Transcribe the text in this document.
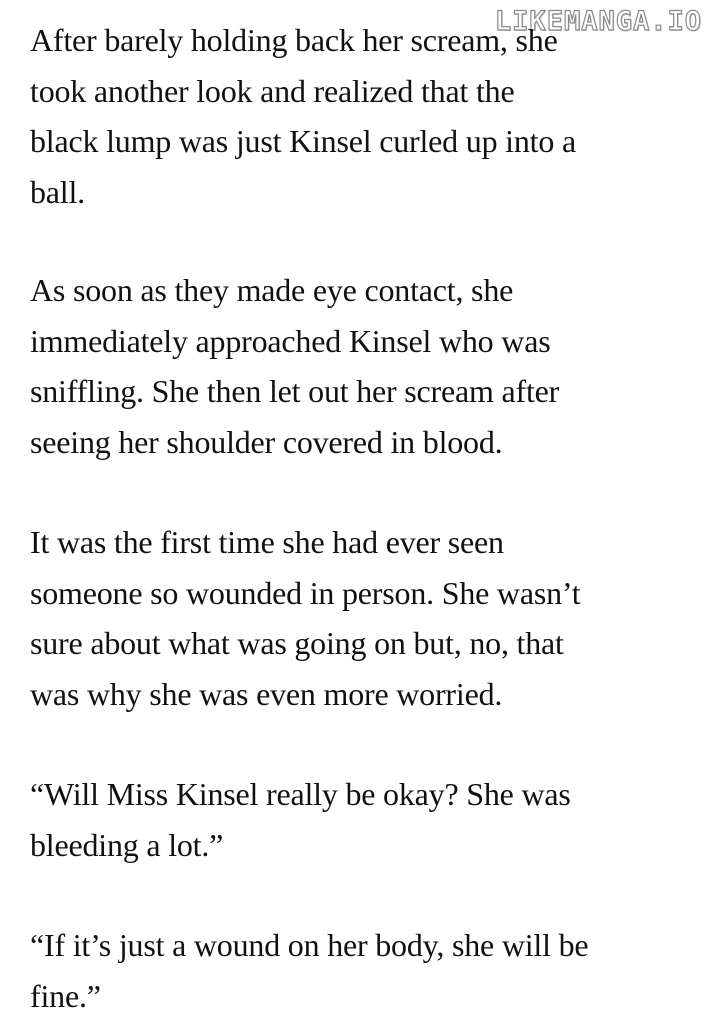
LIKEMANGA.IO
After barely holding back her scream, she
took another look and realized that the
black lump was just Kinsel curled up into a
ball.
As soon as they made eye contact, she
immediately approached Kinsel who was
sniffling. She then let out her scream after
seeing her shoulder covered in blood.
It was the first time she had ever seen
someone so wounded in person. She wasn’t
sure about what was going on but, no, that
was why she was even more worried.
“Will Miss Kinsel really be okay? She was
bleeding a lot.”
“If it’s just a wound on her body, she will be
fine.”
